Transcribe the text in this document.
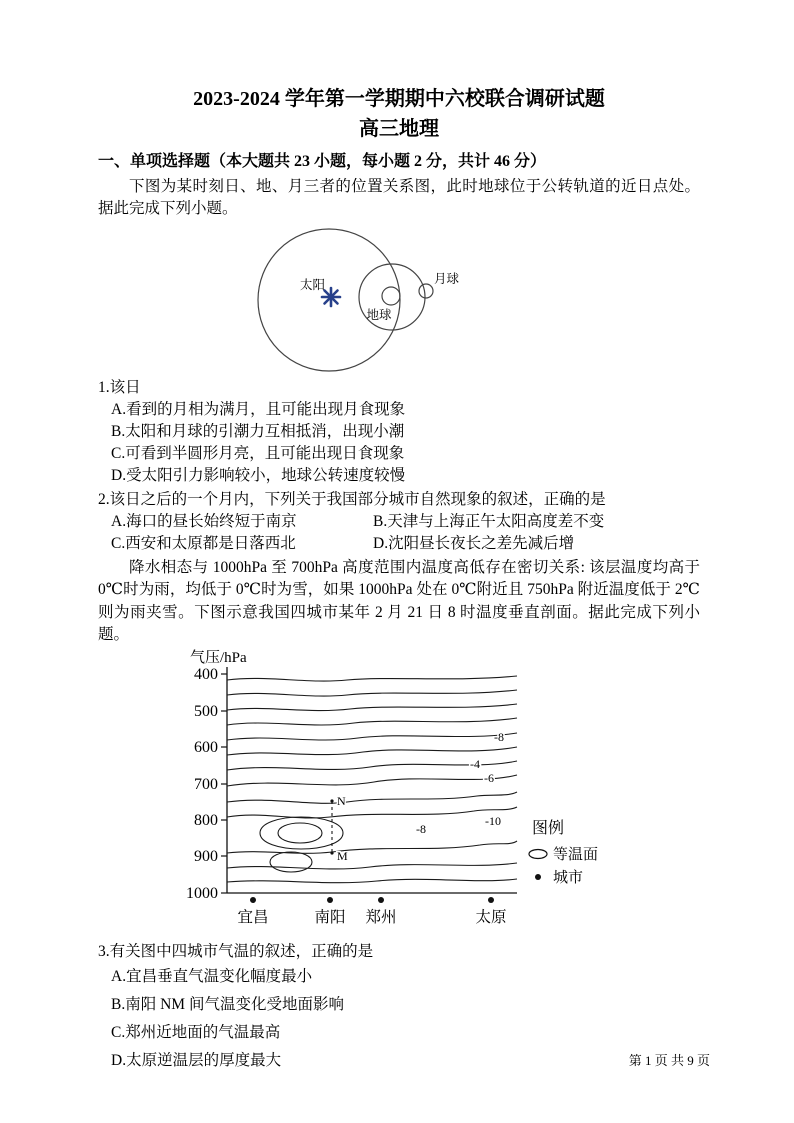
2023-2024 学年第一学期期中六校联合调研试题
高三地理
一、单项选择题（本大题共 23 小题，每小题 2 分，共计 46 分）
下图为某时刻日、地、月三者的位置关系图，此时地球位于公转轨道的近日点处。据此完成下列小题。
太阳
地球
月球
1.该日
A.看到的月相为满月，且可能出现月食现象
B.太阳和月球的引潮力互相抵消，出现小潮
C.可看到半圆形月亮，且可能出现日食现象
D.受太阳引力影响较小，地球公转速度较慢
2.该日之后的一个月内，下列关于我国部分城市自然现象的叙述，正确的是
A.海口的昼长始终短于南京	B.天津与上海正午太阳高度差不变
C.西安和太原都是日落西北	D.沈阳昼长夜长之差先减后增
降水相态与 1000hPa 至 700hPa 高度范围内温度高低存在密切关系: 该层温度均高于 0℃时为雨，均低于 0℃时为雪，如果 1000hPa 处在 0℃附近且 750hPa 附近温度低于 2℃则为雨夹雪。下图示意我国四城市某年 2 月 21 日 8 时温度垂直剖面。据此完成下列小题。
气压/hPa
400
500
600
700
800
900
1000
-8
-4
-6
-8
-10
N
M
宜昌	南阳 郑州	太原
图例
等温面
城市
3.有关图中四城市气温的叙述，正确的是
A.宜昌垂直气温变化幅度最小
B.南阳 NM 间气温变化受地面影响
C.郑州近地面的气温最高
D.太原逆温层的厚度最大	第 1 页 共 9 页
